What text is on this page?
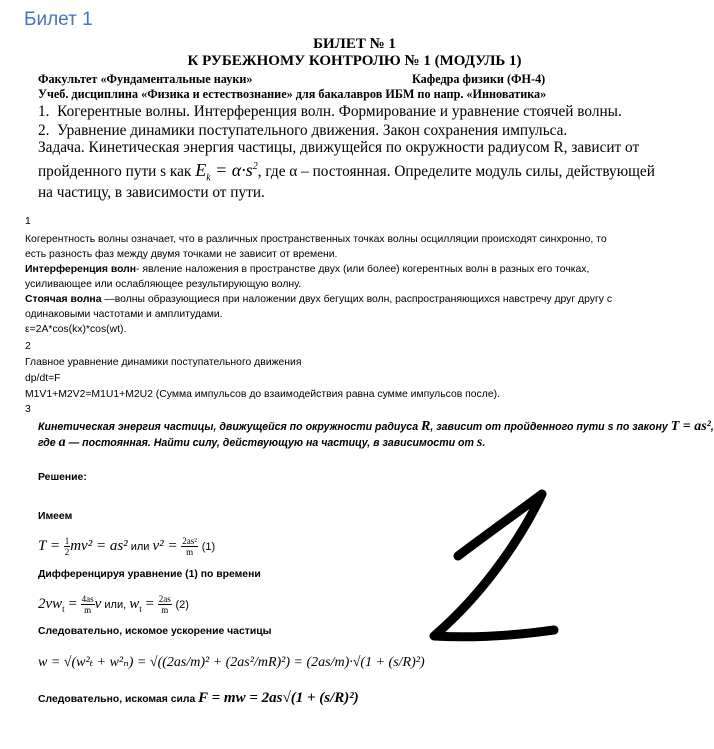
Билет 1
БИЛЕТ № 1
К РУБЕЖНОМУ КОНТРОЛЮ № 1 (МОДУЛЬ 1)
Факультет «Фундаментальные науки»	Кафедра физики (ФН-4)
Учеб. дисциплина «Физика и естествознание» для бакалавров ИБМ по напр. «Инноватика»
1. Когерентные волны. Интерференция волн. Формирование и уравнение стоячей волны.
2. Уравнение динамики поступательного движения. Закон сохранения импульса.
Задача. Кинетическая энергия частицы, движущейся по окружности радиусом R, зависит от
пройденного пути s как $E_k = \alpha\cdot s^2$, где α – постоянная. Определите модуль силы, действующей
на частицу, в зависимости от пути.
1
Когерентность волны означает, что в различных пространственных точках волны осцилляции происходят синхронно, то
есть разность фаз между двумя точками не зависит от времени.
Интерференция волн- явление наложения в пространстве двух (или более) когерентных волн в разных его точках,
усиливающее или ослабляющее результирующую волну.
Стоячая волна —волны образующиеся при наложении двух бегущих волн, распространяющихся навстречу друг другу с
одинаковыми частотами и амплитудами.
ε=2A*cos(kx)*cos(wt).
2
Главное уравнение динамики поступательного движения
dp/dt=F
M1V1+M2V2=M1U1+M2U2 (Сумма импульсов до взаимодействия равна сумме импульсов после).
3
Кинетическая энергия частицы, движущейся по окружности радиуса R, зависит от пройденного пути s по закону T = as²,
где a — постоянная. Найти силу, действующую на частицу, в зависимости от s.
Решение:
Имеем
$T = \frac{1}{2} mv^2 = as^2$ или $v^2 = \frac{\text{2as²}}{m} (1)$
Дифференцируя уравнение (1) по времени
$2vw_t = \frac{4as}{m}$ v или, $w_t = \frac{2as}{m} (2)$
Следовательно, искомое ускорение частицы
w = √(w²ₜ + w²ₙ) = √((2as/m)² + (2as²/mR)²) = (2as/m)·√(1 + (s/R)²)
Следовательно, искомая сила F = mw = 2as√(1 + (s/R)²)
